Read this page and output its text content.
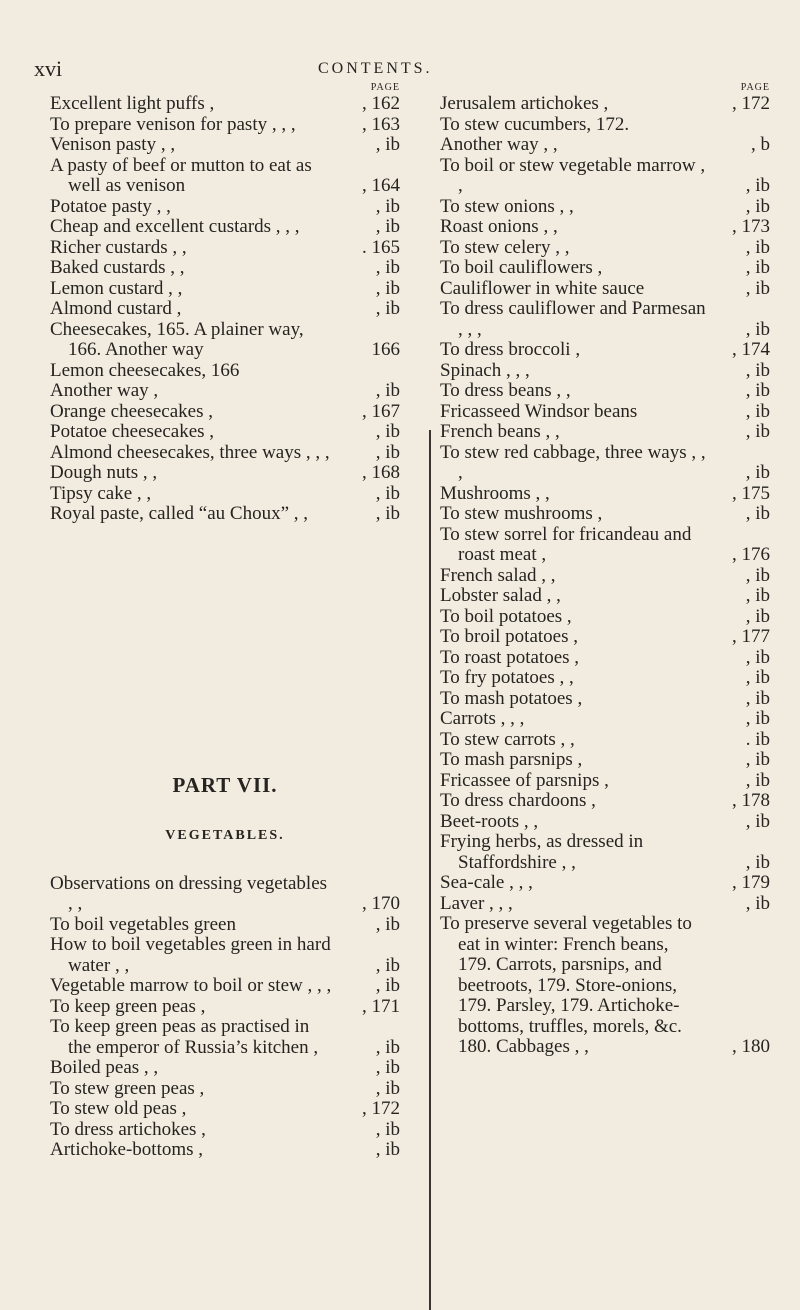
xvi	CONTENTS.
PAGE
Excellent light puffs ,	, 162
To prepare venison for pasty , , ,	, 163
Venison pasty , ,	, ib
A pasty of beef or mutton to eat as well as venison	, 164
Potatoe pasty , ,	, ib
Cheap and excellent custards , , ,	, ib
Richer custards , ,	. 165
Baked custards , ,	, ib
Lemon custard , ,	, ib
Almond custard ,	, ib
Cheesecakes, 165. A plainer way, 166. Another way	166
Lemon cheesecakes, 166
Another way ,	, ib
Orange cheesecakes ,	, 167
Potatoe cheesecakes ,	, ib
Almond cheesecakes, three ways , , ,	, ib
Dough nuts , ,	, 168
Tipsy cake , ,	, ib
Royal paste, called “au Choux” , ,	, ib
PART VII.
VEGETABLES.
Observations on dressing vegetables , ,	, 170
To boil vegetables green	, ib
How to boil vegetables green in hard water , ,	, ib
Vegetable marrow to boil or stew , , ,	, ib
To keep green peas ,	, 171
To keep green peas as practised in the emperor of Russia’s kitchen ,	, ib
Boiled peas , ,	, ib
To stew green peas ,	, ib
To stew old peas ,	, 172
To dress artichokes ,	, ib
Artichoke-bottoms ,	, ib
PAGE
Jerusalem artichokes ,	, 172
To stew cucumbers, 172.
Another way , ,	, b
To boil or stew vegetable marrow , ,	, ib
To stew onions , ,	, ib
Roast onions , ,	, 173
To stew celery , ,	, ib
To boil cauliflowers ,	, ib
Cauliflower in white sauce	, ib
To dress cauliflower and Parmesan , , ,	, ib
To dress broccoli ,	, 174
Spinach , , ,	, ib
To dress beans , ,	, ib
Fricasseed Windsor beans	, ib
French beans , ,	, ib
To stew red cabbage, three ways , , ,	, ib
Mushrooms , ,	, 175
To stew mushrooms ,	, ib
To stew sorrel for fricandeau and roast meat ,	, 176
French salad , ,	, ib
Lobster salad , ,	, ib
To boil potatoes ,	, ib
To broil potatoes ,	, 177
To roast potatoes ,	, ib
To fry potatoes , ,	, ib
To mash potatoes ,	, ib
Carrots , , ,	, ib
To stew carrots , ,	. ib
To mash parsnips ,	, ib
Fricassee of parsnips ,	, ib
To dress chardoons ,	, 178
Beet-roots , ,	, ib
Frying herbs, as dressed in Staffordshire , ,	, ib
Sea-cale , , ,	, 179
Laver , , ,	, ib
To preserve several vegetables to eat in winter: French beans, 179. Carrots, parsnips, and beetroots, 179. Store-onions, 179. Parsley, 179. Artichoke-bottoms, truffles, morels, &c. 180. Cabbages , ,	, 180
